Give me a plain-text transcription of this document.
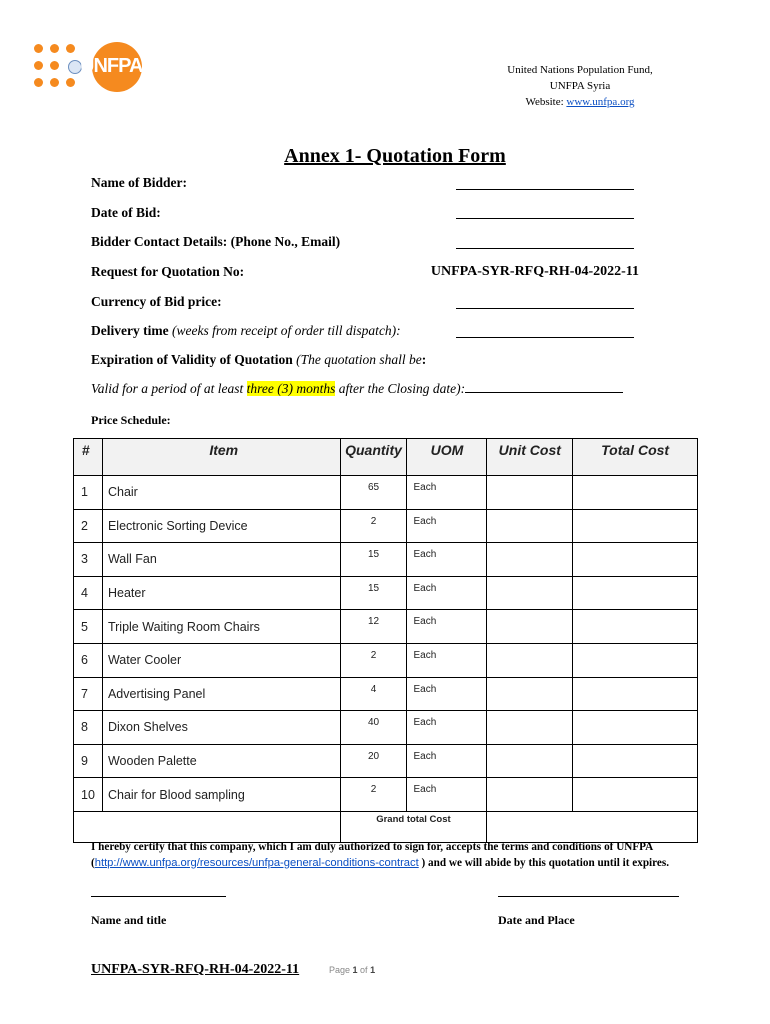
UNFPA	United Nations Population Fund,
UNFPA Syria
Website: www.unfpa.org
Annex 1- Quotation Form
Name of Bidder:
Date of Bid:
Bidder Contact Details: (Phone No., Email)
Request for Quotation No:	UNFPA-SYR-RFQ-RH-04-2022-11
Currency of Bid price:
Delivery time (weeks from receipt of order till dispatch):
Expiration of Validity of Quotation (The quotation shall be:
Valid for a period of at least three (3) months after the Closing date):
Price Schedule:
#	Item	Quantity	UOM	Unit Cost	Total Cost
1	Chair	65	Each		
2	Electronic Sorting Device	2	Each		
3	Wall Fan	15	Each		
4	Heater	15	Each		
5	Triple Waiting Room Chairs	12	Each		
6	Water Cooler	2	Each		
7	Advertising Panel	4	Each		
8	Dixon Shelves	40	Each		
9	Wooden Palette	20	Each		
10	Chair for Blood sampling	2	Each		
		Grand total Cost			
I hereby certify that this company, which I am duly authorized to sign for, accepts the terms and conditions of UNFPA (http://www.unfpa.org/resources/unfpa-general-conditions-contract ) and we will abide by this quotation until it expires.
Name and title	Date and Place
UNFPA-SYR-RFQ-RH-04-2022-11	Page 1 of 1
